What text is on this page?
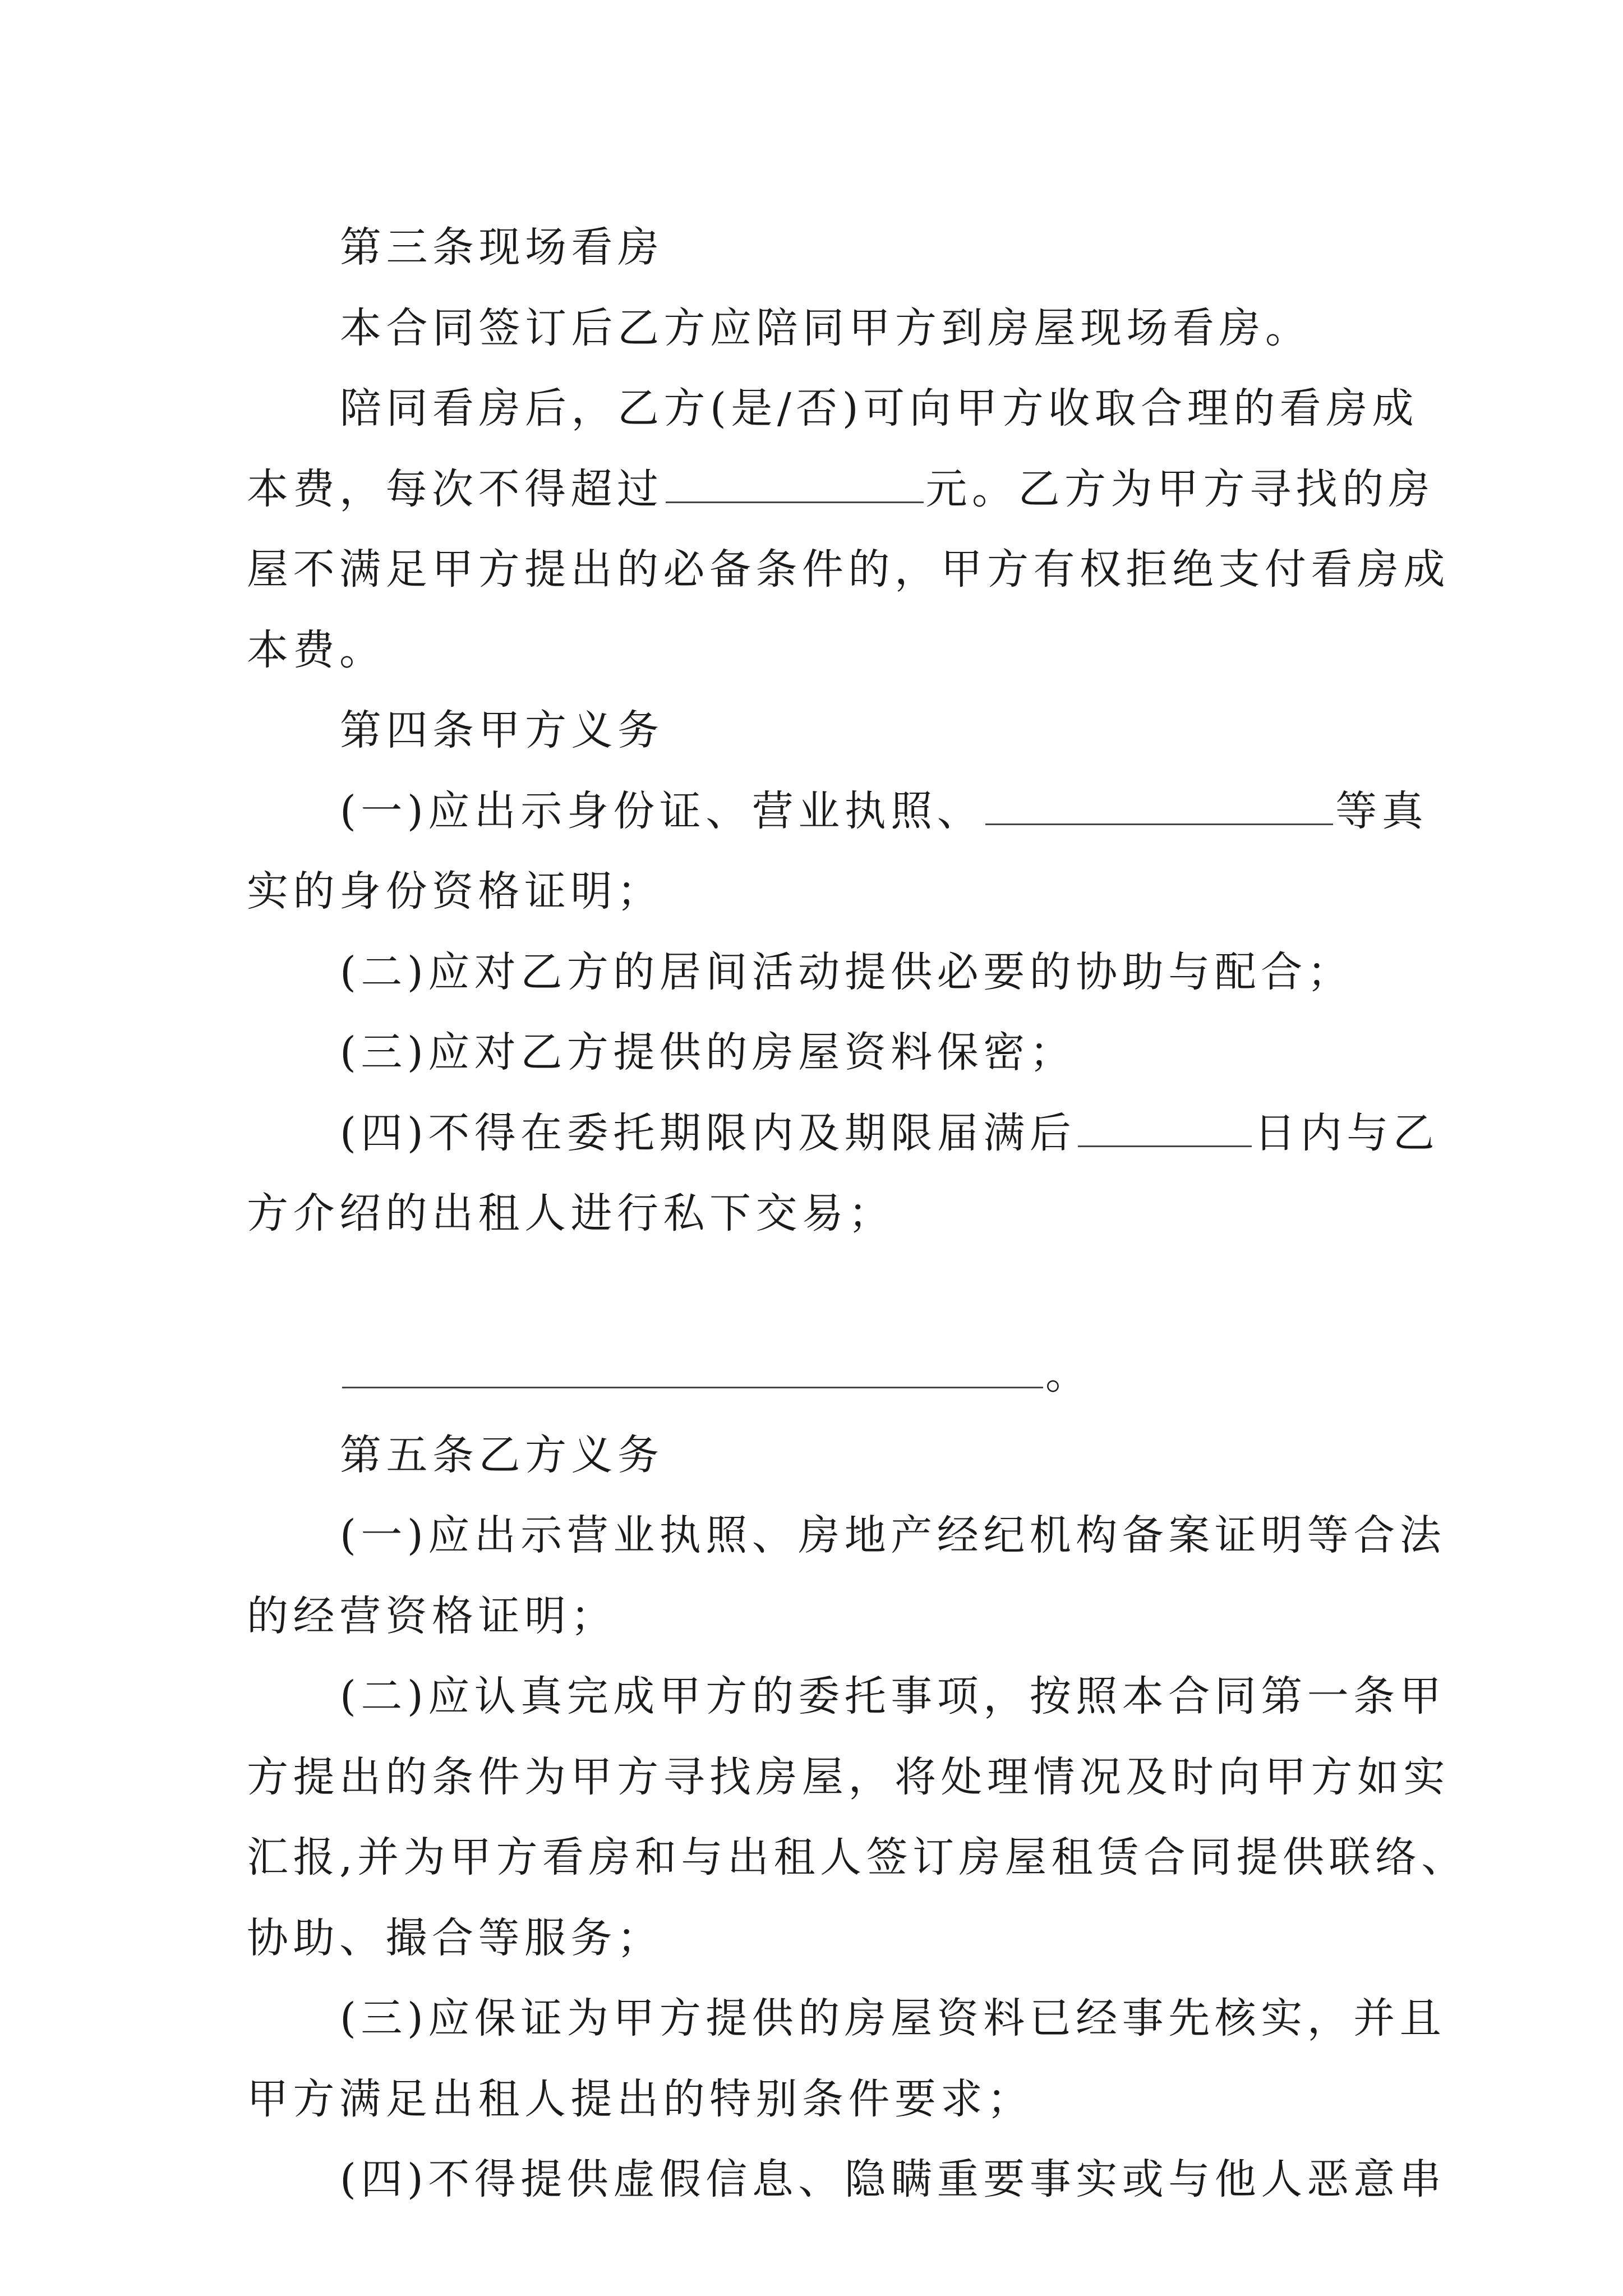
第三条现场看房
本合同签订后乙方应陪同甲方到房屋现场看房。
陪同看房后，乙方(是/否)可向甲方收取合理的看房成
本费，每次不得超过	元。乙方为甲方寻找的房
屋不满足甲方提出的必备条件的，甲方有权拒绝支付看房成
本费。
第四条甲方义务
(一)应出示身份证、营业执照、	等真
实的身份资格证明；
(二)应对乙方的居间活动提供必要的协助与配合；
(三)应对乙方提供的房屋资料保密；
(四)不得在委托期限内及期限届满后	日内与乙
方介绍的出租人进行私下交易；
。
第五条乙方义务
(一)应出示营业执照、房地产经纪机构备案证明等合法
的经营资格证明；
(二)应认真完成甲方的委托事项，按照本合同第一条甲
方提出的条件为甲方寻找房屋，将处理情况及时向甲方如实
汇报,并为甲方看房和与出租人签订房屋租赁合同提供联络、
协助、撮合等服务；
(三)应保证为甲方提供的房屋资料已经事先核实，并且
甲方满足出租人提出的特别条件要求；
(四)不得提供虚假信息、隐瞒重要事实或与他人恶意串
